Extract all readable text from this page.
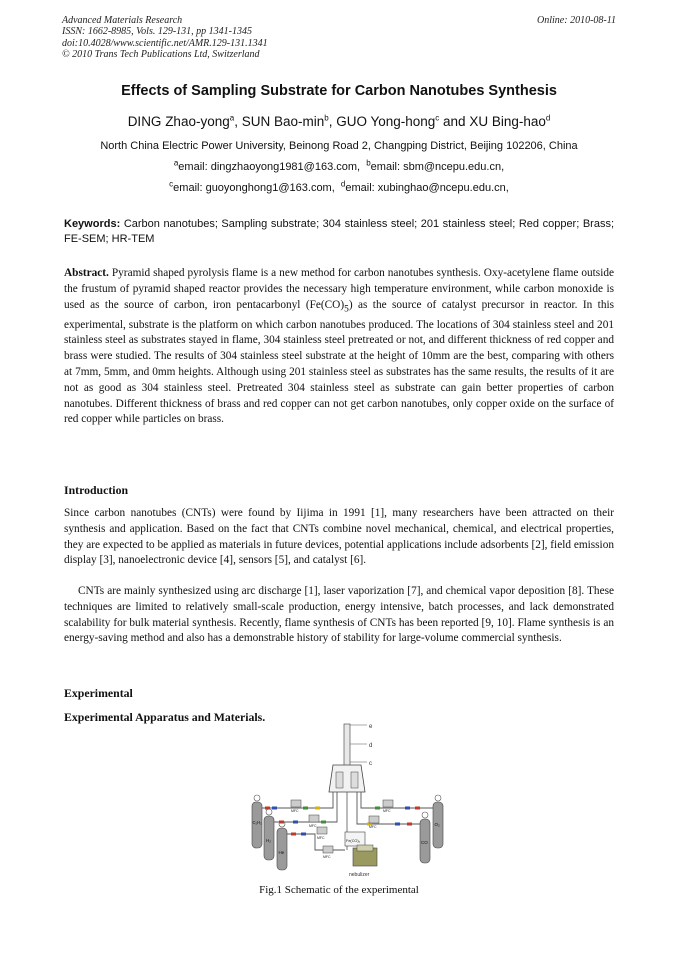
Advanced Materials Research
ISSN: 1662-8985, Vols. 129-131, pp 1341-1345
doi:10.4028/www.scientific.net/AMR.129-131.1341
© 2010 Trans Tech Publications Ltd, Switzerland
Online: 2010-08-11
Effects of Sampling Substrate for Carbon Nanotubes Synthesis
DING Zhao-yong$^a$, SUN Bao-$\min^b$, GUO Yong-hong$^c$ and XU Bing-hao$^d$
North China Electric Power University, Beinong Road 2, Changping District, Beijing 102206, China
$^a$email: dingzhaoyong1981@163.com, $^b$email: sbm@ncepu.edu.cn,
$^c$email: guoyonghong1@163.com, $^d$email: xubinghao@ncepu.edu.cn,
Keywords: Carbon nanotubes; Sampling substrate; 304 stainless steel; 201 stainless steel; Red copper; Brass; FE-SEM; HR-TEM
Abstract. Pyramid shaped pyrolysis flame is a new method for carbon nanotubes synthesis. Oxy-acetylene flame outside the frustum of pyramid shaped reactor provides the necessary high temperature environment, while carbon monoxide is used as the source of carbon, iron pentacarbonyl $(Fe(CO)_5)$ as the source of catalyst precursor in reactor. In this experimental, substrate is the platform on which carbon nanotubes produced. The locations of 304 stainless steel and 201 stainless steel as substrates stayed in flame, 304 stainless steel pretreated or not, and different thickness of red copper and brass were studied. The results of 304 stainless steel substrate at the height of 10mm are the best, comparing with others at 7mm, 5mm, and 0mm heights. Although using 201 stainless steel as substrates has the same results, the results of it are not as good as 304 stainless steel. Pretreated 304 stainless steel as substrate can gain better properties of carbon nanotubes. Different thickness of brass and red copper can not get carbon nanotubes, only copper oxide on the surface of red copper while particles on brass.
Introduction
Since carbon nanotubes (CNTs) were found by Iijima in 1991 [1], many researchers have been attracted on their synthesis and application. Based on the fact that CNTs combine novel mechanical, chemical, and electrical properties, they are expected to be applied as materials in future devices, potential applications include adsorbents [2], field emission display [3], nanoelectronic device [4], sensors [5], and catalyst [6].
CNTs are mainly synthesized using arc discharge [1], laser vaporization [7], and chemical vapor deposition [8]. These techniques are limited to relatively small-scale production, energy intensive, batch processes, and lack demonstrated scalability for bulk material synthesis. Recently, flame synthesis of CNTs has been reported [9, 10]. Flame synthesis is an energy-saving method and also has a demonstrable history of stability for large-volume commercial synthesis.
Experimental
Experimental Apparatus and Materials.
e
d
c
C₂H₂
H₂
He
O₂
CO
MFC
MFC
MFC
MFC
MFC
MFC
Fe(CO)₅
nebulizer
Fig.1 Schematic of the experimental
